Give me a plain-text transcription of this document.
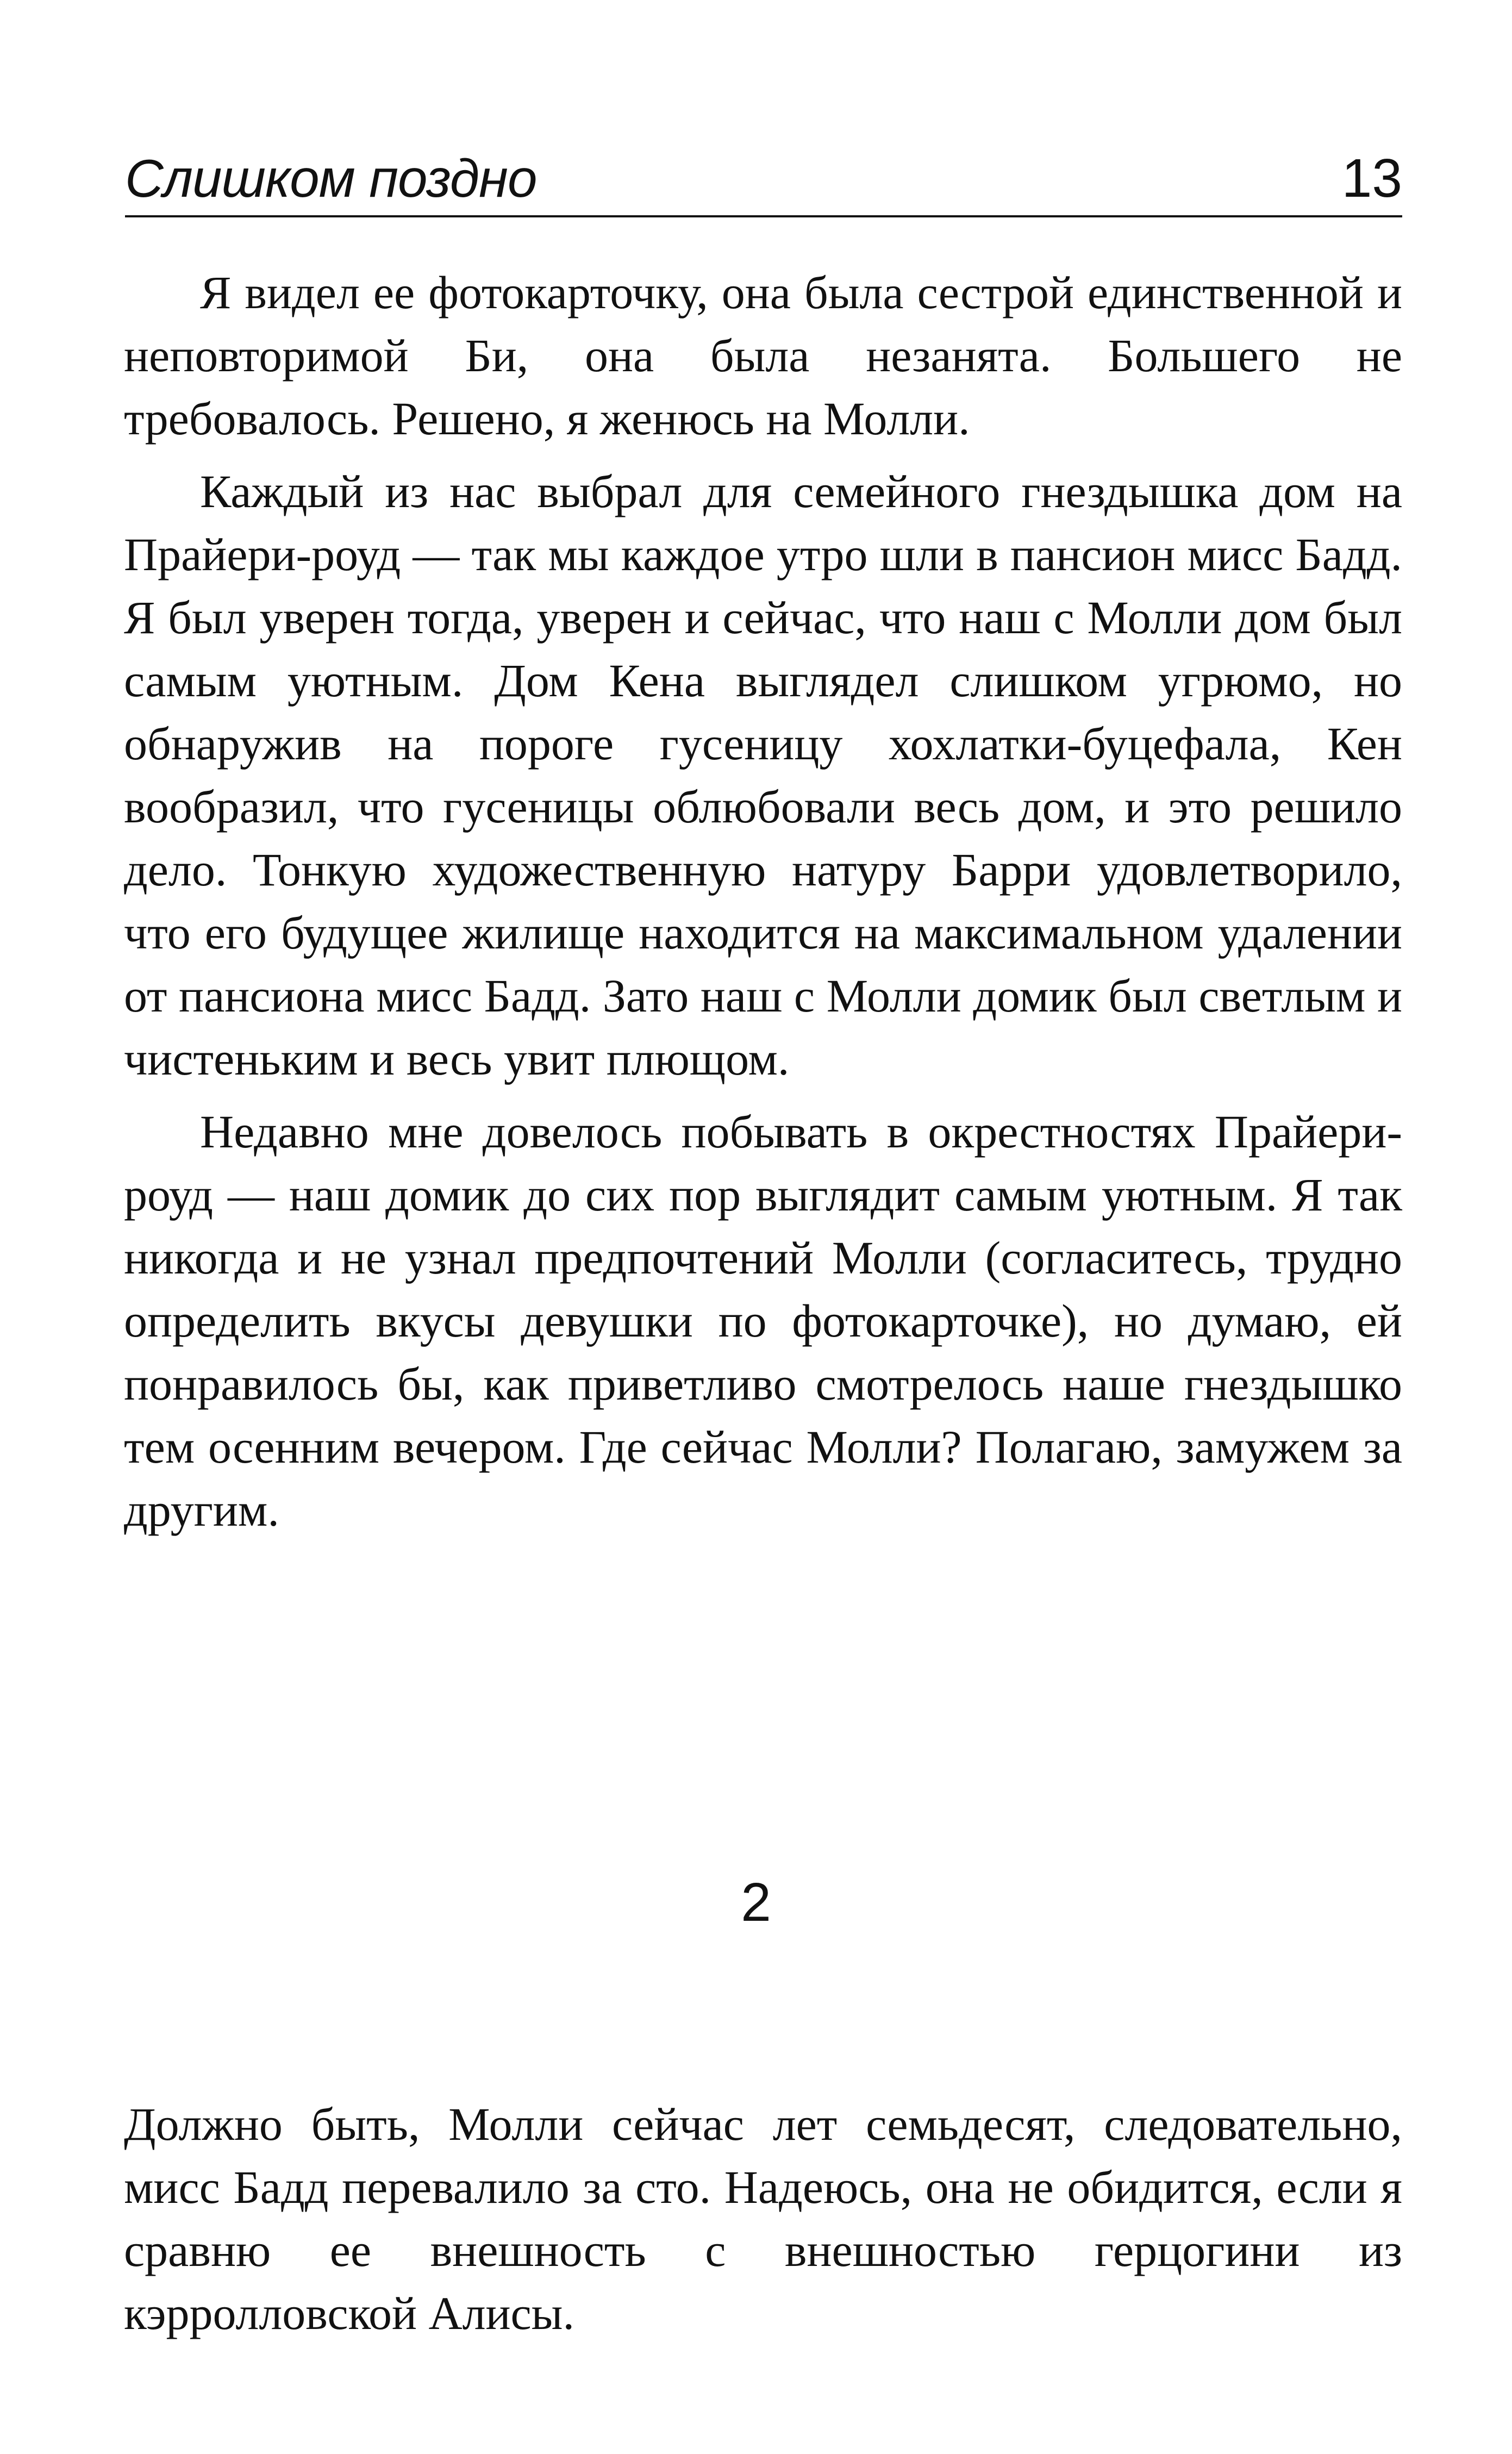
Слишком поздно	13

Я видел ее фотокарточку, она была сестрой единственной и неповторимой Би, она была незанята. Большего не требовалось. Решено, я женюсь на Молли.

Каждый из нас выбрал для семейного гнездышка дом на Прайери-роуд — так мы каждое утро шли в пансион мисс Бадд. Я был уверен тогда, уверен и сейчас, что наш с Молли дом был самым уютным. Дом Кена выглядел слишком угрюмо, но обнаружив на пороге гусеницу хохлатки-буцефала, Кен вообразил, что гусеницы облюбовали весь дом, и это решило дело. Тонкую художественную натуру Барри удовлетворило, что его будущее жилище находится на максимальном удалении от пансиона мисс Бадд. Зато наш с Молли домик был светлым и чистеньким и весь увит плющом.

Недавно мне довелось побывать в окрестностях Прайери-роуд — наш домик до сих пор выглядит самым уютным. Я так никогда и не узнал предпочтений Молли (согласитесь, трудно определить вкусы девушки по фотокарточке), но думаю, ей понравилось бы, как приветливо смотрелось наше гнездышко тем осенним вечером. Где сейчас Молли? Полагаю, замужем за другим.

2

Должно быть, Молли сейчас лет семьдесят, следовательно, мисс Бадд перевалило за сто. Надеюсь, она не обидится, если я сравню ее внешность с внешностью герцогини из кэрролловской Алисы.
